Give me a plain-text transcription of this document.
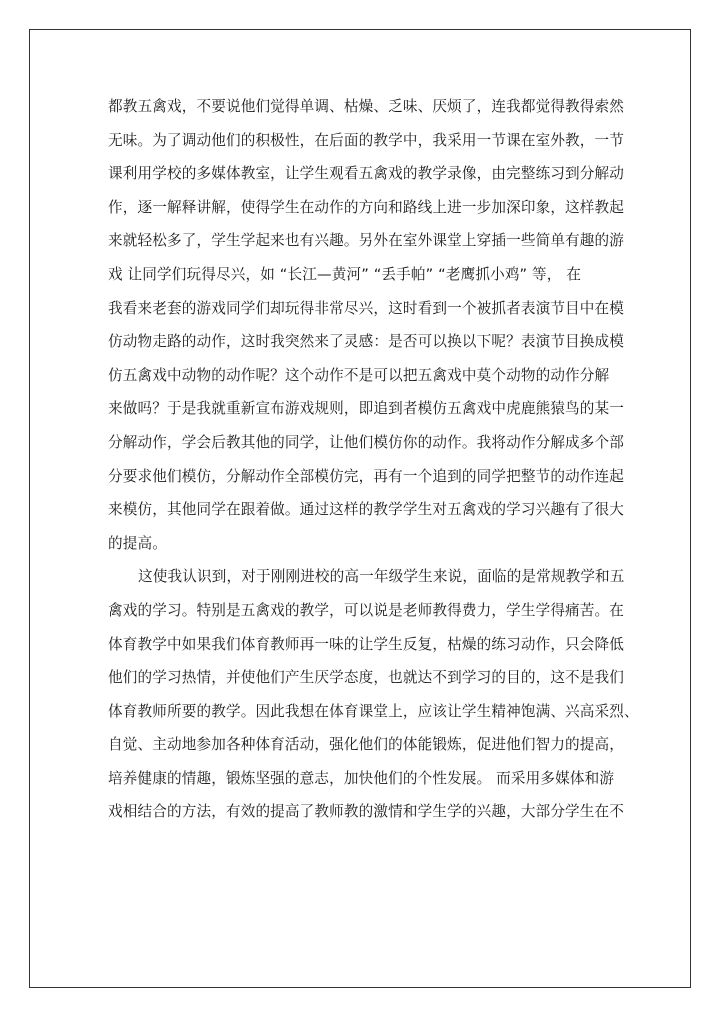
都教五禽戏，不要说他们觉得单调、枯燥、乏味、厌烦了，连我都觉得教得索然
无味。为了调动他们的积极性，在后面的教学中，我采用一节课在室外教，一节
课利用学校的多媒体教室，让学生观看五禽戏的教学录像，由完整练习到分解动
作，逐一解释讲解，使得学生在动作的方向和路线上进一步加深印象，这样教起
来就轻松多了，学生学起来也有兴趣。另外在室外课堂上穿插一些简单有趣的游
戏 让同学们玩得尽兴，如 “长江—黄河” “丢手帕” “老鹰抓小鸡” 等， 在
我看来老套的游戏同学们却玩得非常尽兴，这时看到一个被抓者表演节目中在模
仿动物走路的动作，这时我突然来了灵感：是否可以换以下呢？表演节目换成模
仿五禽戏中动物的动作呢？这个动作不是可以把五禽戏中莫个动物的动作分解
来做吗？于是我就重新宣布游戏规则，即追到者模仿五禽戏中虎鹿熊猿鸟的某一
分解动作，学会后教其他的同学，让他们模仿你的动作。我将动作分解成多个部
分要求他们模仿，分解动作全部模仿完，再有一个追到的同学把整节的动作连起
来模仿，其他同学在跟着做。通过这样的教学学生对五禽戏的学习兴趣有了很大
的提高。
这使我认识到，对于刚刚进校的高一年级学生来说，面临的是常规教学和五
禽戏的学习。特别是五禽戏的教学，可以说是老师教得费力，学生学得痛苦。在
体育教学中如果我们体育教师再一味的让学生反复，枯燥的练习动作，只会降低
他们的学习热情，并使他们产生厌学态度，也就达不到学习的目的，这不是我们
体育教师所要的教学。因此我想在体育课堂上，应该让学生精神饱满、兴高采烈、
自觉、主动地参加各种体育活动，强化他们的体能锻炼，促进他们智力的提高，
培养健康的情趣，锻炼坚强的意志，加快他们的个性发展。 而采用多媒体和游
戏相结合的方法，有效的提高了教师教的激情和学生学的兴趣，大部分学生在不
